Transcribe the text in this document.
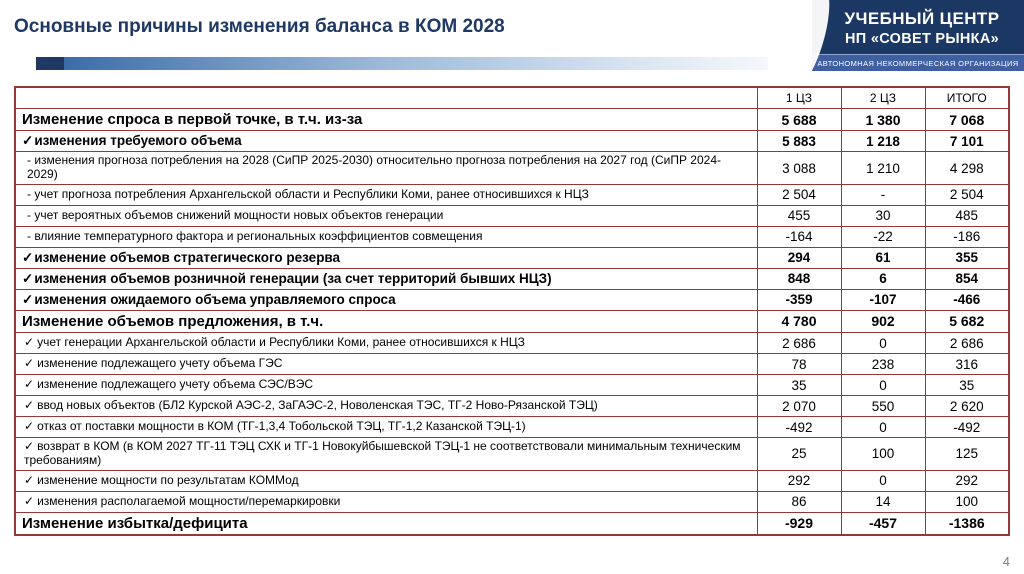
Основные причины изменения баланса в КОМ 2028	УЧЕБНЫЙ ЦЕНТР
НП «СОВЕТ РЫНКА»
АВТОНОМНАЯ НЕКОММЕРЧЕСКАЯ ОРГАНИЗАЦИЯ
	1 ЦЗ	2 ЦЗ	ИТОГО
Изменение спроса в первой точке, в т.ч. из-за	5 688	1 380	7 068
✓изменения требуемого объема	5 883	1 218	7 101
- изменения прогноза потребления на 2028 (СиПР 2025-2030) относительно прогноза потребления на 2027 год (СиПР 2024-2029)	3 088	1 210	4 298
- учет прогноза потребления Архангельской области и Республики Коми, ранее относившихся к НЦЗ	2 504	-	2 504
- учет вероятных объемов снижений мощности новых объектов генерации	455	30	485
- влияние температурного фактора и региональных коэффициентов совмещения	-164	-22	-186
✓изменение объемов стратегического резерва	294	61	355
✓изменения объемов розничной генерации (за счет территорий бывших НЦЗ)	848	6	854
✓изменения ожидаемого объема управляемого спроса	-359	-107	-466
Изменение объемов предложения, в т.ч.	4 780	902	5 682
✓ учет генерации Архангельской области и Республики Коми, ранее относившихся к НЦЗ	2 686	0	2 686
✓ изменение подлежащего учету объема ГЭС	78	238	316
✓ изменение подлежащего учету объема СЭС/ВЭС	35	0	35
✓ ввод новых объектов (БЛ2 Курской АЭС-2, ЗаГАЭС-2, Новоленская ТЭС, ТГ-2 Ново-Рязанской ТЭЦ)	2 070	550	2 620
✓ отказ от поставки мощности в КОМ (ТГ-1,3,4 Тобольской ТЭЦ, ТГ-1,2 Казанской ТЭЦ-1)	-492	0	-492
✓ возврат в КОМ (в КОМ 2027 ТГ-11 ТЭЦ СХК и ТГ-1 Новокуйбышевской ТЭЦ-1 не соответствовали минимальным техническим требованиям)	25	100	125
✓ изменение мощности по результатам КОММод	292	0	292
✓ изменения располагаемой мощности/перемаркировки	86	14	100
Изменение избытка/дефицита	-929	-457	-1386
4
